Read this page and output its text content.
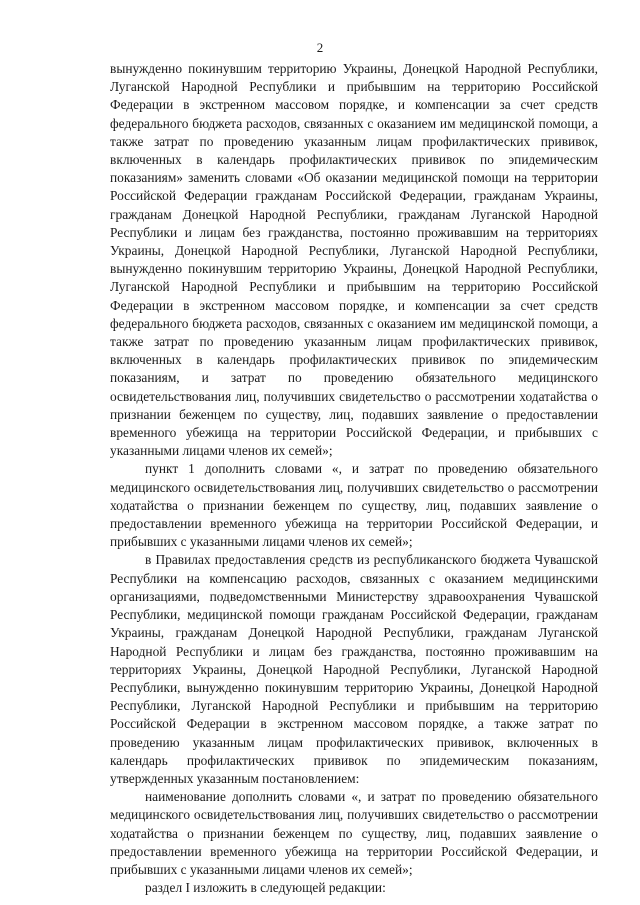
2

вынужденно покинувшим территорию Украины, Донецкой Народной Республики, Луганской Народной Республики и прибывшим на территорию Российской Федерации в экстренном массовом порядке, и компенсации за счет средств федерального бюджета расходов, связанных с оказанием им медицинской помощи, а также затрат по проведению указанным лицам профилактических прививок, включенных в календарь профилактических прививок по эпидемическим показаниям» заменить словами «Об оказании медицинской помощи на территории Российской Федерации гражданам Российской Федерации, гражданам Украины, гражданам Донецкой Народной Республики, гражданам Луганской Народной Республики и лицам без гражданства, постоянно проживавшим на территориях Украины, Донецкой Народной Республики, Луганской Народной Республики, вынужденно покинувшим территорию Украины, Донецкой Народной Республики, Луганской Народной Республики и прибывшим на территорию Российской Федерации в экстренном массовом порядке, и компенсации за счет средств федерального бюджета расходов, связанных с оказанием им медицинской помощи, а также затрат по проведению указанным лицам профилактических прививок, включенных в календарь профилактических прививок по эпидемическим показаниям, и затрат по проведению обязательного медицинского освидетельствования лиц, получивших свидетельство о рассмотрении ходатайства о признании беженцем по существу, лиц, подавших заявление о предоставлении временного убежища на территории Российской Федерации, и прибывших с указанными лицами членов их семей»;

пункт 1 дополнить словами «, и затрат по проведению обязательного медицинского освидетельствования лиц, получивших свидетельство о рассмотрении ходатайства о признании беженцем по существу, лиц, подавших заявление о предоставлении временного убежища на территории Российской Федерации, и прибывших с указанными лицами членов их семей»;

в Правилах предоставления средств из республиканского бюджета Чувашской Республики на компенсацию расходов, связанных с оказанием медицинскими организациями, подведомственными Министерству здравоохранения Чувашской Республики, медицинской помощи гражданам Российской Федерации, гражданам Украины, гражданам Донецкой Народной Республики, гражданам Луганской Народной Республики и лицам без гражданства, постоянно проживавшим на территориях Украины, Донецкой Народной Республики, Луганской Народной Республики, вынужденно покинувшим территорию Украины, Донецкой Народной Республики, Луганской Народной Республики и прибывшим на территорию Российской Федерации в экстренном массовом порядке, а также затрат по проведению указанным лицам профилактических прививок, включенных в календарь профилактических прививок по эпидемическим показаниям, утвержденных указанным постановлением:

наименование дополнить словами «, и затрат по проведению обязательного медицинского освидетельствования лиц, получивших свидетельство о рассмотрении ходатайства о признании беженцем по существу, лиц, подавших заявление о предоставлении временного убежища на территории Российской Федерации, и прибывших с указанными лицами членов их семей»;

раздел I изложить в следующей редакции:
